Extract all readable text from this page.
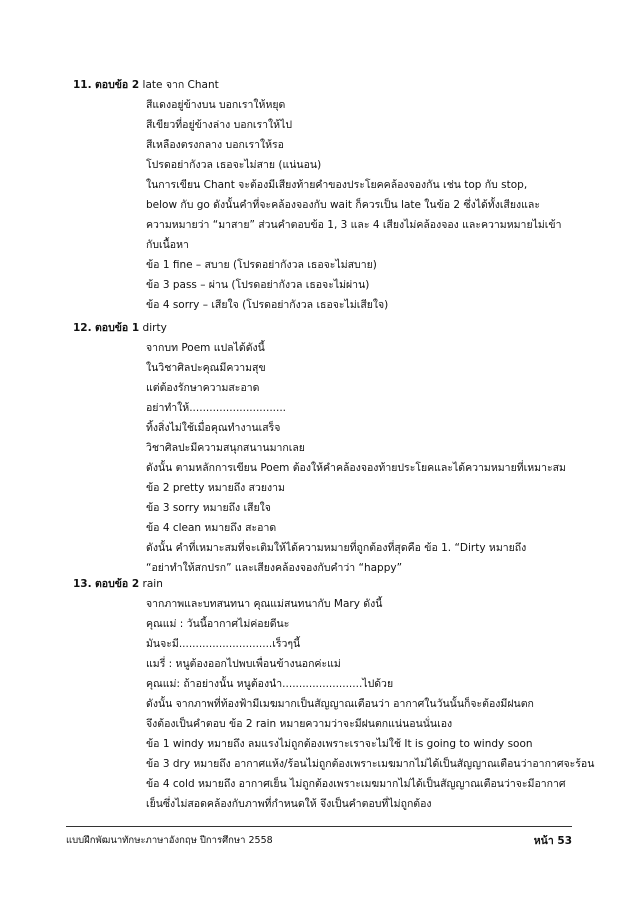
11. ตอบข้อ 2 late จาก Chant
สีแดงอยู่ข้างบน บอกเราให้หยุด
สีเขียวที่อยู่ข้างล่าง บอกเราให้ไป
สีเหลืองตรงกลาง บอกเราให้รอ
โปรดอย่ากังวล เธอจะไม่สาย (แน่นอน)
ในการเขียน Chant จะต้องมีเสียงท้ายคำของประโยคคล้องจองกัน เช่น top กับ stop,
below กับ go ดังนั้นคำที่จะคล้องจองกับ wait ก็ควรเป็น late ในข้อ 2 ซึ่งได้ทั้งเสียงและ
ความหมายว่า “มาสาย” ส่วนคำตอบข้อ 1, 3 และ 4 เสียงไม่คล้องจอง และความหมายไม่เข้า
กับเนื้อหา
ข้อ 1 fine – สบาย (โปรดอย่ากังวล เธอจะไม่สบาย)
ข้อ 3 pass – ผ่าน (โปรดอย่ากังวล เธอจะไม่ผ่าน)
ข้อ 4 sorry – เสียใจ (โปรดอย่ากังวล เธอจะไม่เสียใจ)
12. ตอบข้อ 1 dirty
จากบท Poem แปลได้ดังนี้
ในวิชาศิลปะคุณมีความสุข
แต่ต้องรักษาความสะอาด
อย่าทำให้.............................
ทิ้งสิ่งไม่ใช้เมื่อคุณทำงานเสร็จ
วิชาศิลปะมีความสนุกสนานมากเลย
ดังนั้น ตามหลักการเขียน Poem ต้องให้คำคล้องจองท้ายประโยคและได้ความหมายที่เหมาะสม
ข้อ 2 pretty หมายถึง สวยงาม
ข้อ 3 sorry หมายถึง เสียใจ
ข้อ 4 clean หมายถึง สะอาด
ดังนั้น คำที่เหมาะสมที่จะเติมให้ได้ความหมายที่ถูกต้องที่สุดคือ ข้อ 1. “Dirty หมายถึง
“อย่าทำให้สกปรก” และเสียงคล้องจองกับคำว่า “happy”
13. ตอบข้อ 2 rain
จากภาพและบทสนทนา คุณแม่สนทนากับ Mary ดังนี้
คุณแม่ : วันนี้อากาศไม่ค่อยดีนะ
มันจะมี............................เร็วๆนี้
แมรี่ : หนูต้องออกไปพบเพื่อนข้างนอกค่ะแม่
คุณแม่: ถ้าอย่างนั้น หนูต้องนำ........................ไปด้วย
ดังนั้น จากภาพที่ท้องฟ้ามีเมฆมากเป็นสัญญาณเตือนว่า อากาศในวันนั้นก็จะต้องมีฝนตก
จึงต้องเป็นคำตอบ ข้อ 2 rain หมายความว่าจะมีฝนตกแน่นอนนั่นเอง
ข้อ 1 windy หมายถึง ลมแรงไม่ถูกต้องเพราะเราจะไม่ใช้ It is going to windy soon
ข้อ 3 dry หมายถึง อากาศแห้ง/ร้อนไม่ถูกต้องเพราะเมฆมากไม่ได้เป็นสัญญาณเตือนว่าอากาศจะร้อน
ข้อ 4 cold หมายถึง อากาศเย็น ไม่ถูกต้องเพราะเมฆมากไม่ได้เป็นสัญญาณเตือนว่าจะมีอากาศ
เย็นซึ่งไม่สอดคล้องกับภาพที่กำหนดให้ จึงเป็นคำตอบที่ไม่ถูกต้อง
แบบฝึกพัฒนาทักษะภาษาอังกฤษ ปีการศึกษา 2558	หน้า 53
